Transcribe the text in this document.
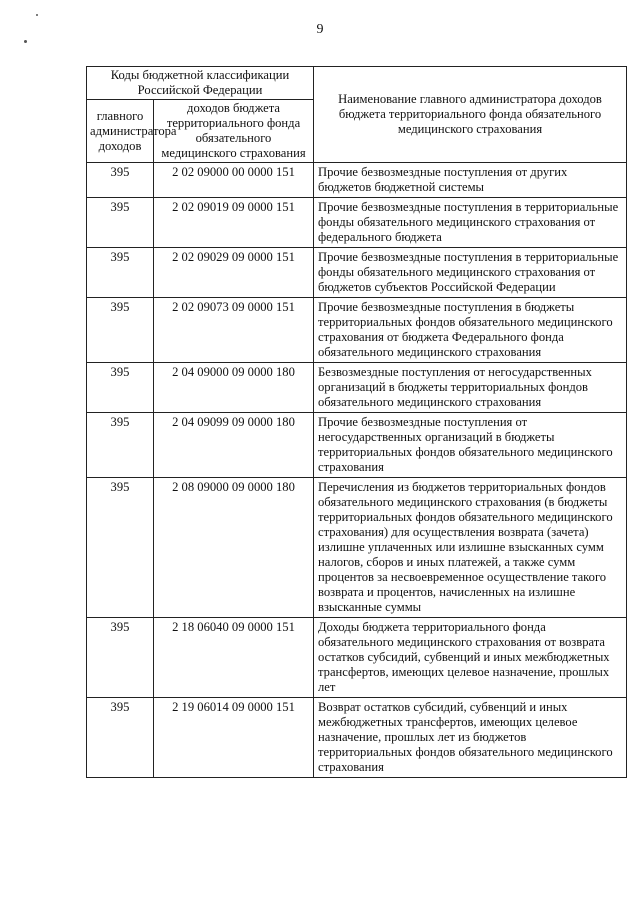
9
Коды бюджетной классификации Российской Федерации		Наименование главного администратора доходов бюджета территориального фонда обязательного медицинского страхования
главного администратора доходов	доходов бюджета территориального фонда обязательного медицинского страхования	
395	2 02 09000 00 0000 151	Прочие безвозмездные поступления от других бюджетов бюджетной системы
395	2 02 09019 09 0000 151	Прочие безвозмездные поступления в территориальные фонды обязательного медицинского страхования от федерального бюджета
395	2 02 09029 09 0000 151	Прочие безвозмездные поступления в территориальные фонды обязательного медицинского страхования от бюджетов субъектов Российской Федерации
395	2 02 09073 09 0000 151	Прочие безвозмездные поступления в бюджеты территориальных фондов обязательного медицинского страхования от бюджета Федерального фонда обязательного медицинского страхования
395	2 04 09000 09 0000 180	Безвозмездные поступления от негосударственных организаций в бюджеты территориальных фондов обязательного медицинского страхования
395	2 04 09099 09 0000 180	Прочие безвозмездные поступления от негосударственных организаций в бюджеты территориальных фондов обязательного медицинского страхования
395	2 08 09000 09 0000 180	Перечисления из бюджетов территориальных фондов обязательного медицинского страхования (в бюджеты территориальных фондов обязательного медицинского страхования) для осуществления возврата (зачета) излишне уплаченных или излишне взысканных сумм налогов, сборов и иных платежей, а также сумм процентов за несвоевременное осуществление такого возврата и процентов, начисленных на излишне взысканные суммы
395	2 18 06040 09 0000 151	Доходы бюджета территориального фонда обязательного медицинского страхования от возврата остатков субсидий, субвенций и иных межбюджетных трансфертов, имеющих целевое назначение, прошлых лет
395	2 19 06014 09 0000 151	Возврат остатков субсидий, субвенций и иных межбюджетных трансфертов, имеющих целевое назначение, прошлых лет из бюджетов территориальных фондов обязательного медицинского страхования
